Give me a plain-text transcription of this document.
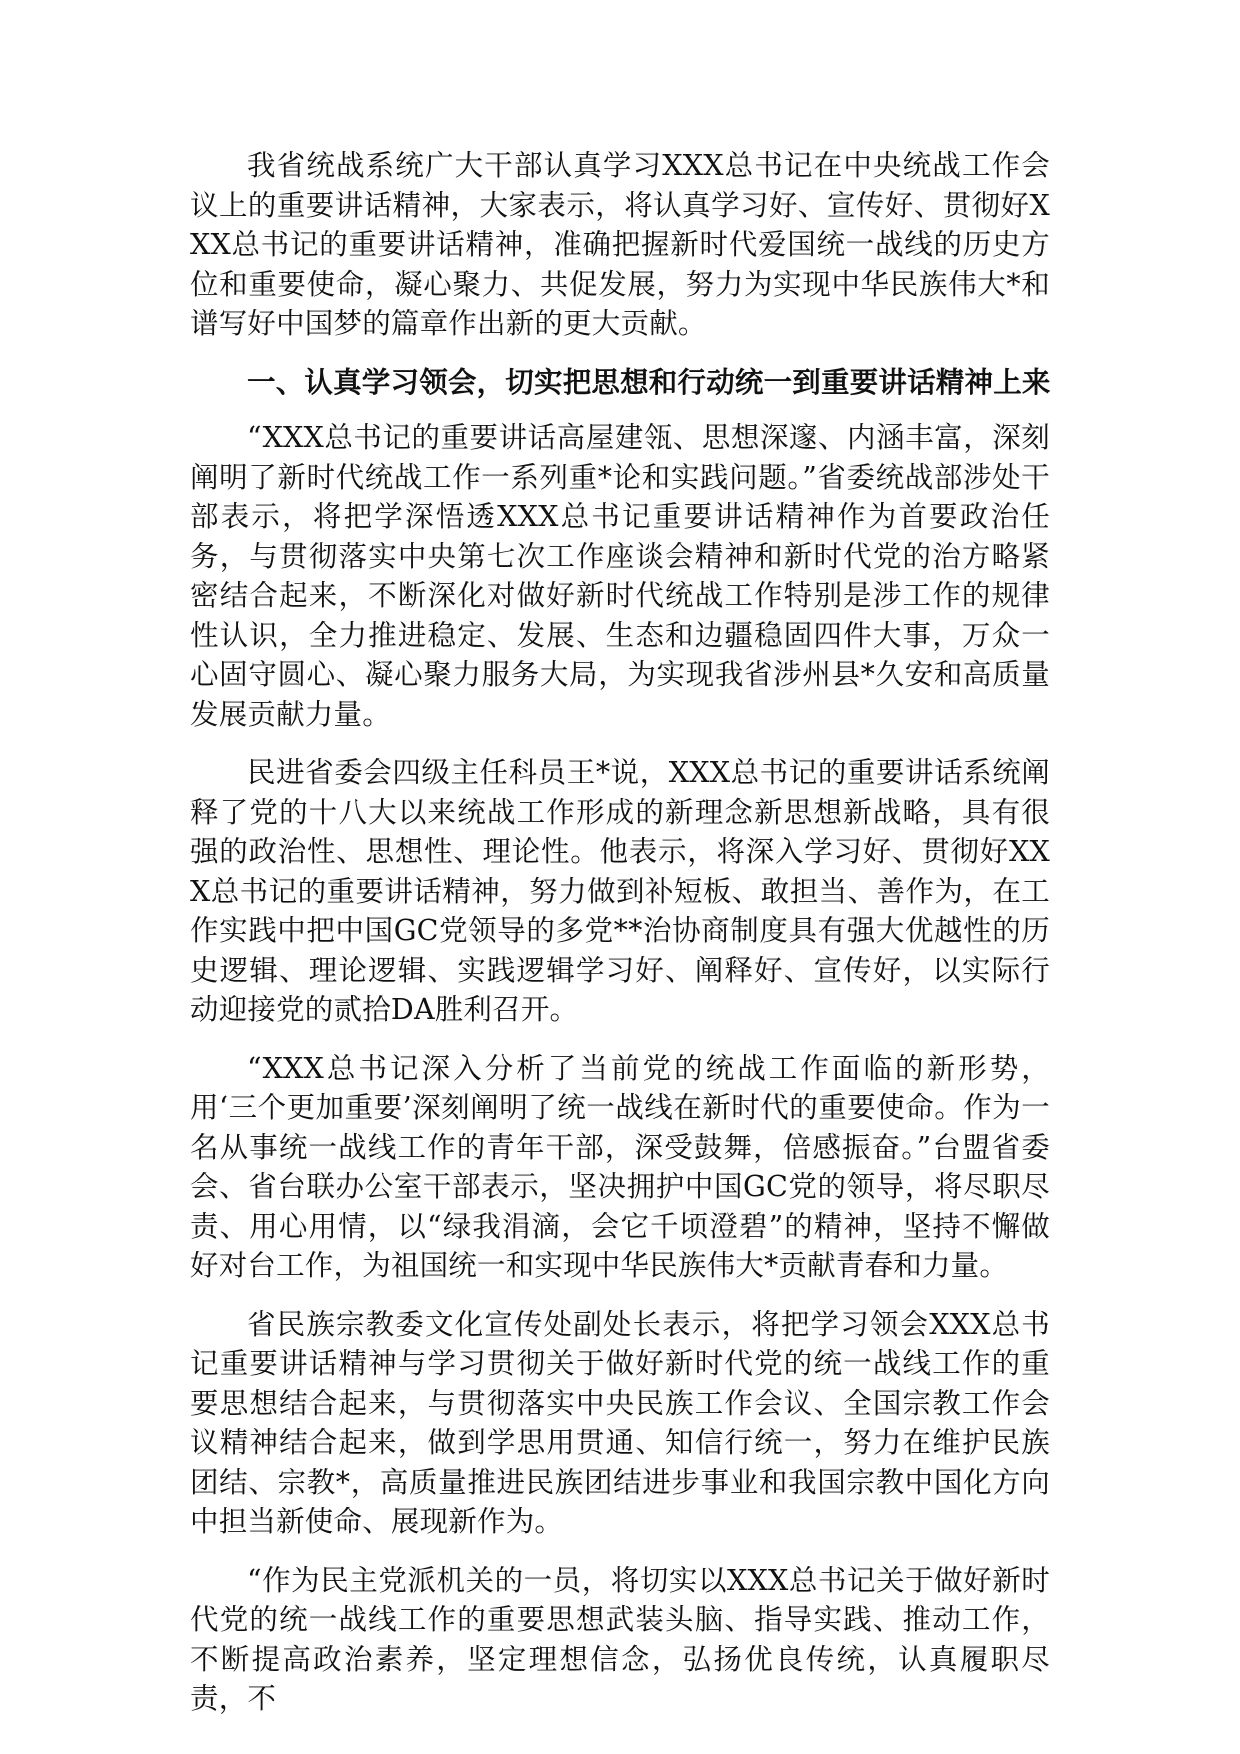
我省统战系统广大干部认真学习XXX总书记在中央统战工作会议上的重要讲话精神，大家表示，将认真学习好、宣传好、贯彻好XXX总书记的重要讲话精神，准确把握新时代爱国统一战线的历史方位和重要使命，凝心聚力、共促发展，努力为实现中华民族伟大*和谱写好中国梦的篇章作出新的更大贡献。

一、认真学习领会，切实把思想和行动统一到重要讲话精神上来

“XXX总书记的重要讲话高屋建瓴、思想深邃、内涵丰富，深刻阐明了新时代统战工作一系列重*论和实践问题。”省委统战部涉处干部表示，将把学深悟透XXX总书记重要讲话精神作为首要政治任务，与贯彻落实中央第七次工作座谈会精神和新时代党的治方略紧密结合起来，不断深化对做好新时代统战工作特别是涉工作的规律性认识，全力推进稳定、发展、生态和边疆稳固四件大事，万众一心固守圆心、凝心聚力服务大局，为实现我省涉州县*久安和高质量发展贡献力量。

民进省委会四级主任科员王*说，XXX总书记的重要讲话系统阐释了党的十八大以来统战工作形成的新理念新思想新战略，具有很强的政治性、思想性、理论性。他表示，将深入学习好、贯彻好XXX总书记的重要讲话精神，努力做到补短板、敢担当、善作为，在工作实践中把中国GC党领导的多党**治协商制度具有强大优越性的历史逻辑、理论逻辑、实践逻辑学习好、阐释好、宣传好，以实际行动迎接党的贰拾DA胜利召开。

“XXX总书记深入分析了当前党的统战工作面临的新形势，用‘三个更加重要’深刻阐明了统一战线在新时代的重要使命。作为一名从事统一战线工作的青年干部，深受鼓舞，倍感振奋。”台盟省委会、省台联办公室干部表示，坚决拥护中国GC党的领导，将尽职尽责、用心用情，以“绿我涓滴，会它千顷澄碧”的精神，坚持不懈做好对台工作，为祖国统一和实现中华民族伟大*贡献青春和力量。

省民族宗教委文化宣传处副处长表示，将把学习领会XXX总书记重要讲话精神与学习贯彻关于做好新时代党的统一战线工作的重要思想结合起来，与贯彻落实中央民族工作会议、全国宗教工作会议精神结合起来，做到学思用贯通、知信行统一，努力在维护民族团结、宗教*，高质量推进民族团结进步事业和我国宗教中国化方向中担当新使命、展现新作为。

“作为民主党派机关的一员，将切实以XXX总书记关于做好新时代党的统一战线工作的重要思想武装头脑、指导实践、推动工作，不断提高政治素养，坚定理想信念，弘扬优良传统，认真履职尽责，不
